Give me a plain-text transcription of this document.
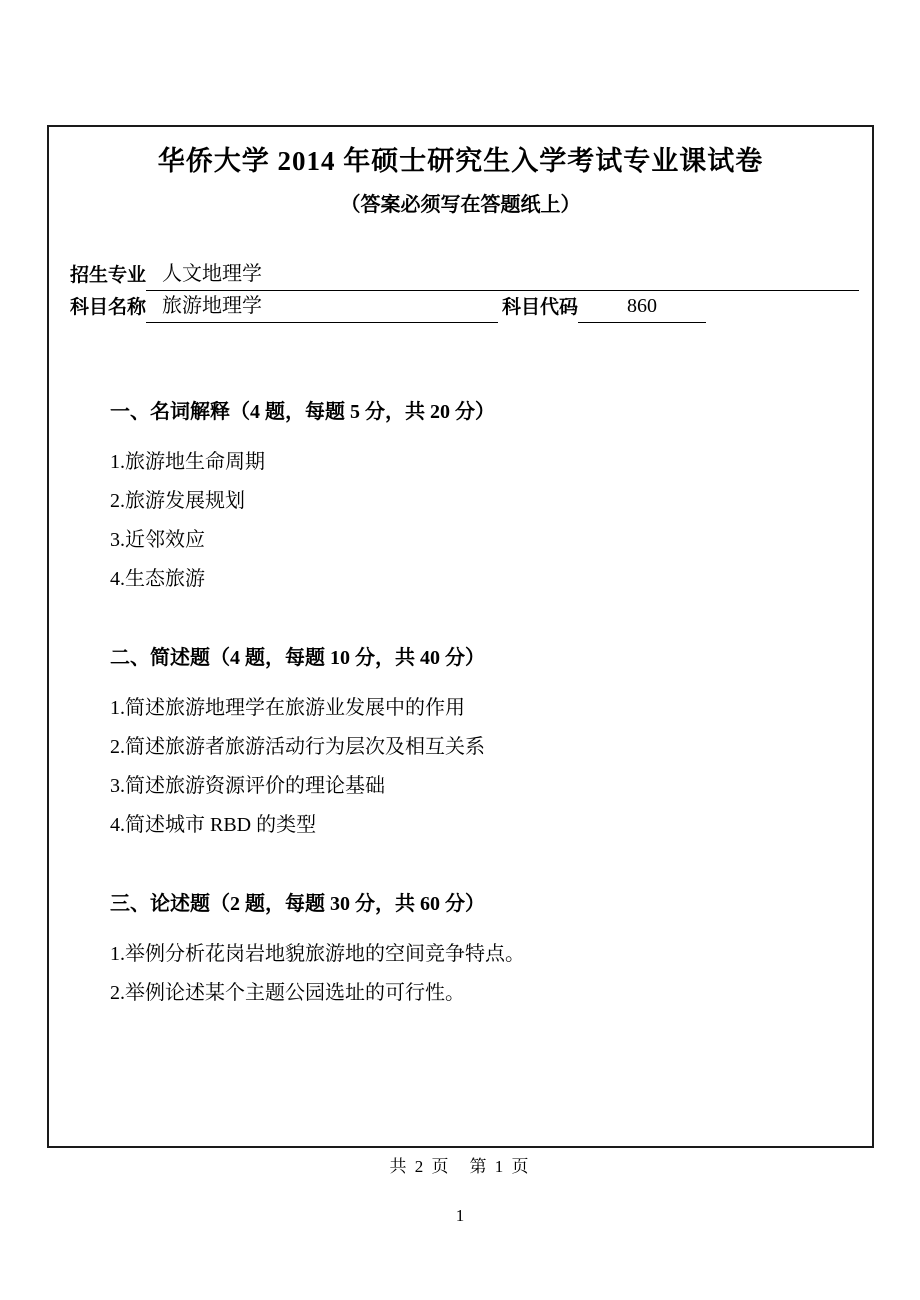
华侨大学 2014 年硕士研究生入学考试专业课试卷
（答案必须写在答题纸上）
招生专业 人文地理学
科目名称 旅游地理学	科目代码	860
一、名词解释（4 题，每题 5 分，共 20 分）
1.旅游地生命周期
2.旅游发展规划
3.近邻效应
4.生态旅游
二、简述题（4 题，每题 10 分，共 40 分）
1.简述旅游地理学在旅游业发展中的作用
2.简述旅游者旅游活动行为层次及相互关系
3.简述旅游资源评价的理论基础
4.简述城市 RBD 的类型
三、论述题（2 题，每题 30 分，共 60 分）
1.举例分析花岗岩地貌旅游地的空间竞争特点。
2.举例论述某个主题公园选址的可行性。
共 2 页　第 1 页
1
